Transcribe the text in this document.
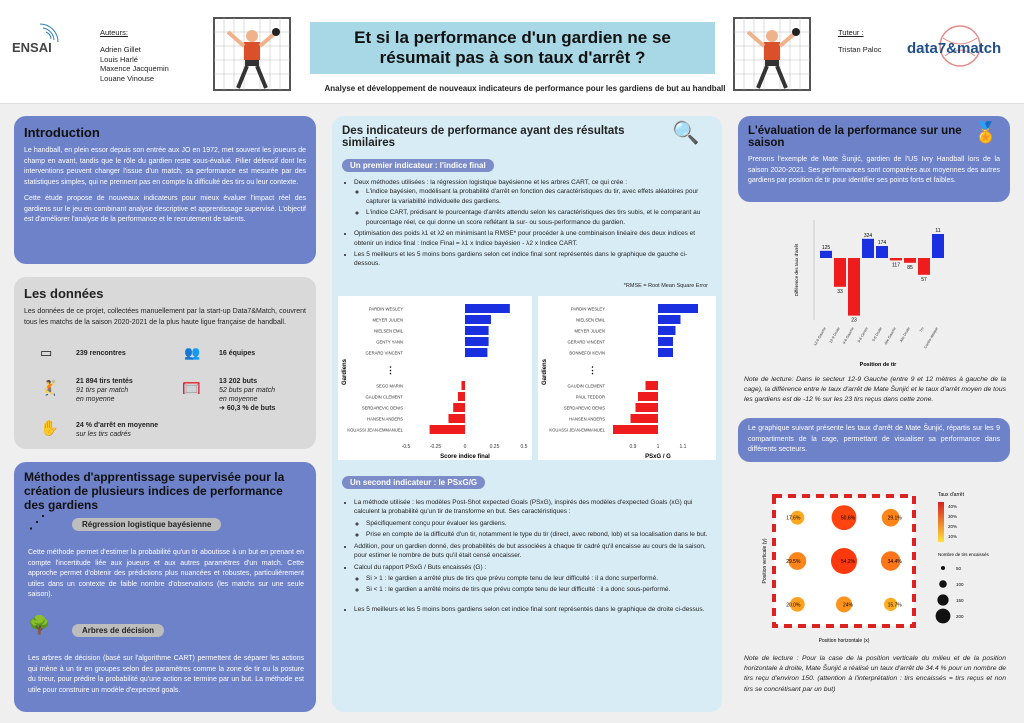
ENSAI
Auteurs:
Adrien Gillet
Louis Harlé
Maxence Jacquemin
Louane Vinouse
Et si la performance d'un gardien ne se
résumait pas à son taux d'arrêt ?
Analyse et développement de nouveaux indicateurs de performance pour les gardiens de but au handball
Tuteur :
Tristan Paloc data7&match
Introduction

Le handball, en plein essor depuis son entrée aux JO en 1972, met souvent les joueurs de champ en avant, tandis que le rôle du gardien reste sous-évalué. Pilier défensif dont les interventions peuvent changer l'issue d'un match, sa performance est mesurée par des statistiques simples, qui ne prennent pas en compte la difficulté des tirs ou leur contexte.

Cette étude propose de nouveaux indicateurs pour mieux évaluer l'impact réel des gardiens sur le jeu en combinant analyse descriptive et apprentissage supervisé. L'objectif est d'améliorer l'analyse de la performance et le recrutement de talents.

Les données

Les données de ce projet, collectées manuellement par la start-up Data7&Match, couvrent tous les matchs de la saison 2020-2021 de la plus haute ligue française de handball.

▭	239 rencontres	👥	16 équipes
🤾 21 894 tirs tentés
91 tirs par match
en moyenne
🥅	13 202 buts
52 buts par match
en moyenne
➜ 60,3 % de buts
✋ 24 % d'arrêt en moyenne
sur les tirs cadrés
Méthodes d'apprentissage supervisée pour la création de plusieurs indices de performance des gardiens
⋰	Régression logistique bayésienne

Cette méthode permet d'estimer la probabilité qu'un tir aboutisse à un but en prenant en compte l'incertitude liée aux joueurs et aux autres paramètres d'un match. Cette approche permet d'obtenir des prédictions plus nuancées et robustes, particulièrement utiles dans un contexte de faible nombre d'observations (les matchs sur une seule saison).

🌳	Arbres de décision

Les arbres de décision (basé sur l'algorithme CART) permettent de séparer les actions qui mène à un tir en groupes selon des paramètres comme la zone de tir ou la posture du tireur, pour prédire la probabilité qu'une action se termine par un but. La méthode est utile pour construire un modèle d'expected goals.

Des indicateurs de performance ayant des résultats similaires	🔍
Un premier indicateur : l'indice final
• Deux méthodes utilisées : la régression logistique bayésienne et les arbres CART, ce qui crée :
◦ L'indice bayésien, modélisant la probabilité d'arrêt en fonction des caractéristiques du tir, avec effets aléatoires pour capturer la variabilité individuelle des gardiens.
◦ L'indice CART, prédisant le pourcentage d'arrêts attendu selon les caractéristiques des tirs subis, et le comparant au pourcentage réel, ce qui donne un score reflétant la sur- ou sous-performance du gardien.
• Optimisation des poids λ1 et λ2 en minimisant la RMSE* pour procéder à une combinaison linéaire des deux indices et obtenir un indice final : Indice Final = λ1 x Indice bayésien - λ2 x Indice CART.
• Les 5 meilleurs et les 5 moins bons gardiens selon cet indice final sont représentés dans le graphique de gauche ci-dessous.
*RMSE = Root Mean Square Error
PARDIN WESLEY
MEYER JULIEN
NIELSEN EMIL
GENTY YANN
GERARD VINCENT
SEGO MARIN
GAUDIN CLEMENT
SERDAREVIC DENIS
HANSEN ANDERS
KOUASSI JEAN-EMMANUEL
⋮
-0.5	-0.25	0	0.25	0.5
Score indice final
Gardiens
PARDIN WESLEY
NIELSEN EMIL
MEYER JULIEN
GERARD VINCENT
BONNEFOI KEVIN
GAUDIN CLEMENT
PAUL TEDDOR
SERDAREVIC DENIS
HANSEN ANDERS
KOUASSI JEAN-EMMANUEL
⋮
0.9	1	1.1
PSxG / G
Gardiens
Un second indicateur : le PSxG/G
• La méthode utilisée : les modèles Post-Shot expected Goals (PSxG), inspirés des modèles d'expected Goals (xG) qui calculent la probabilité qu'un tir de transforme en but. Ses caractéristiques :
◦ Spécifiquement conçu pour évaluer les gardiens.
◦ Prise en compte de la difficulté d'un tir, notamment le type du tir (direct, avec rebond, lob) et sa localisation dans le but.
• Addition, pour un gardien donné, des probabilités de but associées à chaque tir cadré qu'il encaisse au cours de la saison, pour estimer le nombre de buts qu'il était censé encaisser.
• Calcul du rapport PSxG / Buts encaissés (G) :
◦ Si > 1 : le gardien a arrêté plus de tirs que prévu compte tenu de leur difficulté : il a donc surperformé.
◦ Si < 1 : le gardien a arrêté moins de tirs que prévu compte tenu de leur difficulté : il a donc sous-performé.
• Les 5 meilleurs et les 5 moins bons gardiens selon cet indice final sont représentés dans le graphique de droite ci-dessus.
L'évaluation de la performance sur une saison	🏅

Prenons l'exemple de Mate Šunjić, gardien de l'US Ivry Handball lors de la saison 2020-2021. Ses performances sont comparées aux moyennes des autres gardiens par position de tir pour identifier ses points forts et faibles.

125
12-9 Gauche
33
12-9 Droite
23
9-6 Gauche
324
9-6 Centre
174
9-6 Droite
117
Aile Gauche
85
Aile Droite
57
7m
11
Contre-attaque
Position de tir
Différence des taux d'arrêt

Note de lecture: Dans le secteur 12-9 Gauche (entre 9 et 12 mètres à gauche de la cage), la différence entre le taux d'arrêt de Mate Šunjić et le taux d'arrêt moyen de tous les gardiens est de -12 % sur les 23 tirs reçus dans cette zone.

Le graphique suivant présente les taux d'arrêt de Mate Šunjić, répartis sur les 9 compartiments de la cage, permettant de visualiser sa performance dans différents secteurs.

17.6%	50.6%	29.1%
29.5%	54.2%	34.4%
20.0%	24%	15.7%
Position horizontale (x)
Position verticale (y)
Taux d'arrêt
40%
30%
20%
10%
Nombre de tirs encaissés
50
100
150
200

Note de lecture : Pour la case de la position verticale du milieu et de la position horizontale à droite, Mate Šunjić a réalisé un taux d'arrêt de 34.4 % pour un nombre de tirs reçu d'environ 150. (attention à l'interprétation : tirs encaissés = tirs reçus et non tirs se concrétisant par un but)
